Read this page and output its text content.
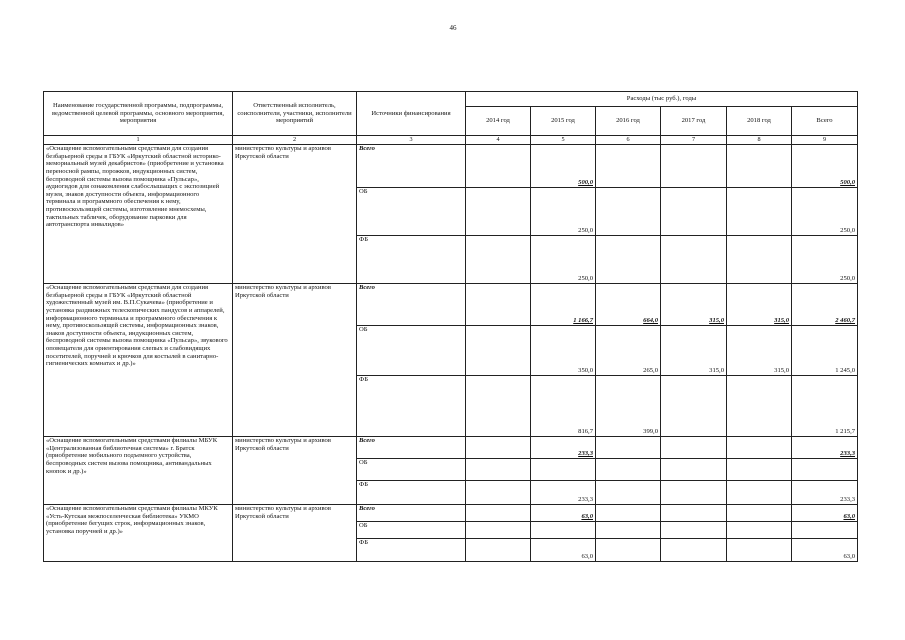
46
Наименование государственной программы, подпрограммы, ведомственной целевой программы, основного мероприятия, мероприятия	Ответственный исполнитель, соисполнители, участники, исполнители мероприятий	Источники финансирования	Расходы (тыс руб.), годы					
			2014 год	2015 год	2016 год	2017 год	2018 год	Всего
1	2	3	4	5	6	7	8	9
«Оснащение вспомогательными средствами для создания безбарьерной среды в ГБУК «Иркутский областной историко-мемориальный музей декабристов» (приобретение и установка переносной рампы, порожков, индукционных систем, беспроводной системы вызова помощника «Пульсар», аудиогидов для ознакомления слабослышащих с экспозицией музея, знаков доступности объекта, информационного терминала и программного обеспечения к нему, противоскользящей системы, изготовление мнемосхемы, тактильных табличек, оборудование парковки для автотранспорта инвалидов»	министерство культуры и архивов Иркутской области	Всего		500,0				500,0
		ОБ		250,0				250,0
		ФБ		250,0				250,0
«Оснащение вспомогательными средствами для создания безбарьерной среды в ГБУК «Иркутский областной художественный музей им. В.П.Сукачева» (приобретение и установка раздвижных телескопических пандусов и аппарелей, информационного терминала и программного обеспечения к нему, противоскользящей системы, информационных знаков, знаков доступности объекта, индукционных систем, беспроводной системы вызова помощника «Пульсар», звукового оповещателя для ориентирования слепых и слабовидящих посетителей, поручней и крючков для костылей в санитарно-гигиенических комнатах и др.)»	министерство культуры и архивов Иркутской области	Всего		1 166,7	664,0	315,0	315,0	2 460,7
		ОБ		350,0	265,0	315,0	315,0	1 245,0
		ФБ		816,7	399,0			1 215,7
«Оснащение вспомогательными средствами филиалы МБУК «Централизованная библиотечная система» г. Братск (приобретение мобильного подъемного устройства, беспроводных систем вызова помощника, антивандальных кнопок и др.)»	министерство культуры и архивов Иркутской области	Всего		233,3				233,3
		ОБ						
		ФБ		233,3				233,3
«Оснащение вспомогательными средствами филиалы МКУК «Усть-Кутская межпоселенческая библиотека» УКМО (приобретение бегущих строк, информационных знаков, установка поручней и др.)»	министерство культуры и архивов Иркутской области	Всего		63,0				63,0
		ОБ						
		ФБ		63,0				63,0
